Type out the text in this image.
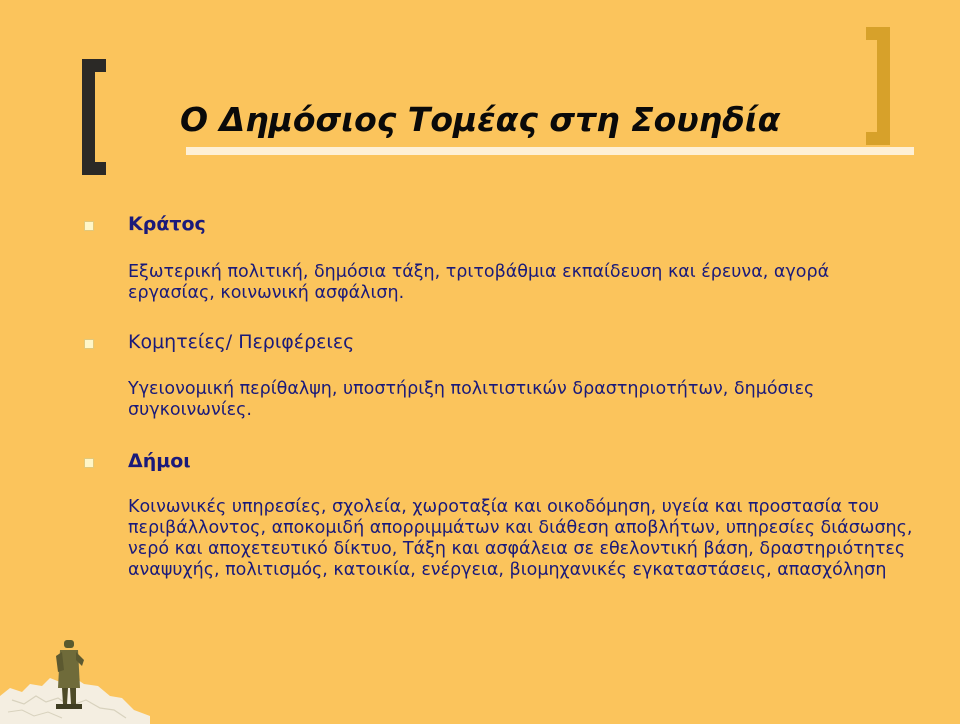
Ο Δημόσιος Τομέας στη Σουηδία
Κράτος

Εξωτερική πολιτική, δημόσια τάξη, τριτοβάθμια εκπαίδευση και έρευνα, αγορά εργασίας, κοινωνική ασφάλιση.

Κομητείες/ Περιφέρειες

Υγειονομική περίθαλψη, υποστήριξη πολιτιστικών δραστηριοτήτων, δημόσιες συγκοινωνίες.

Δήμοι

Κοινωνικές υπηρεσίες, σχολεία, χωροταξία και οικοδόμηση, υγεία και προστασία του περιβάλλοντος, αποκομιδή απορριμμάτων και διάθεση αποβλήτων, υπηρεσίες διάσωσης, νερό και αποχετευτικό δίκτυο, Τάξη και ασφάλεια σε εθελοντική βάση, δραστηριότητες αναψυχής, πολιτισμός, κατοικία, ενέργεια, βιομηχανικές εγκαταστάσεις, απασχόληση
